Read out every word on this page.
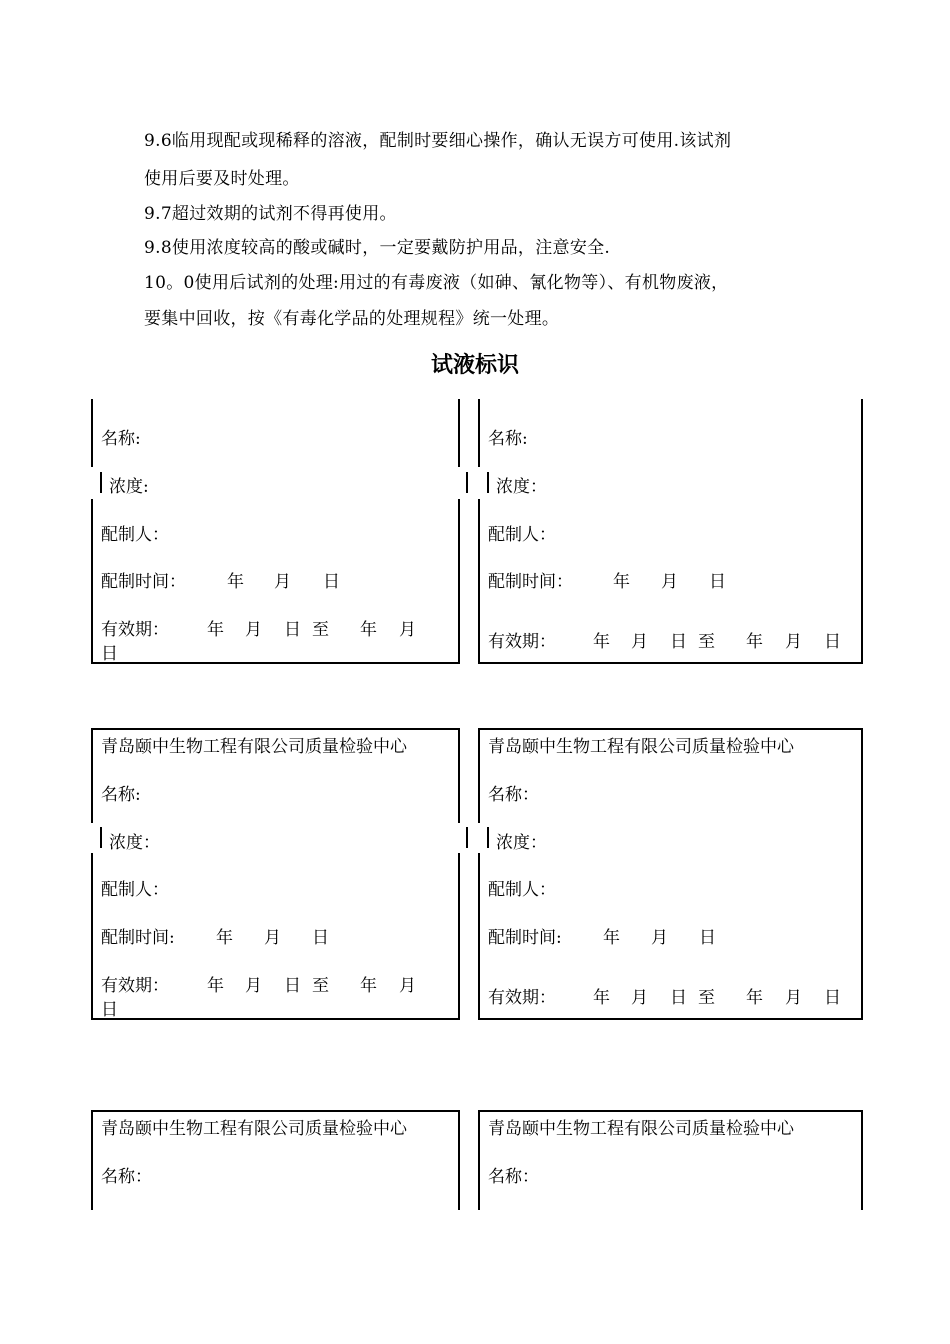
9.6临用现配或现稀释的溶液，配制时要细心操作，确认无误方可使用.该试剂
使用后要及时处理。
9.7超过效期的试剂不得再使用。
9.8使用浓度较高的酸或碱时，一定要戴防护用品，注意安全.
10。0使用后试剂的处理:用过的有毒废液（如砷、氰化物等）、有机物废液，
要集中回收，按《有毒化学品的处理规程》统一处理。
试液标识
名称:
浓度:
配制人：
配制时间： 年 月 日
有效期： 年 月 日 至 年 月
日
名称:
浓度：
配制人：
配制时间： 年 月 日
有效期： 年 月 日 至 年 月 日
青岛颐中生物工程有限公司质量检验中心
名称:
浓度：
配制人：
配制时间: 年 月 日
有效期： 年 月 日 至 年 月
日
青岛颐中生物工程有限公司质量检验中心
名称：
浓度：
配制人：
配制时间: 年 月 日
有效期： 年 月 日 至 年 月 日
青岛颐中生物工程有限公司质量检验中心
名称：
青岛颐中生物工程有限公司质量检验中心
名称：
